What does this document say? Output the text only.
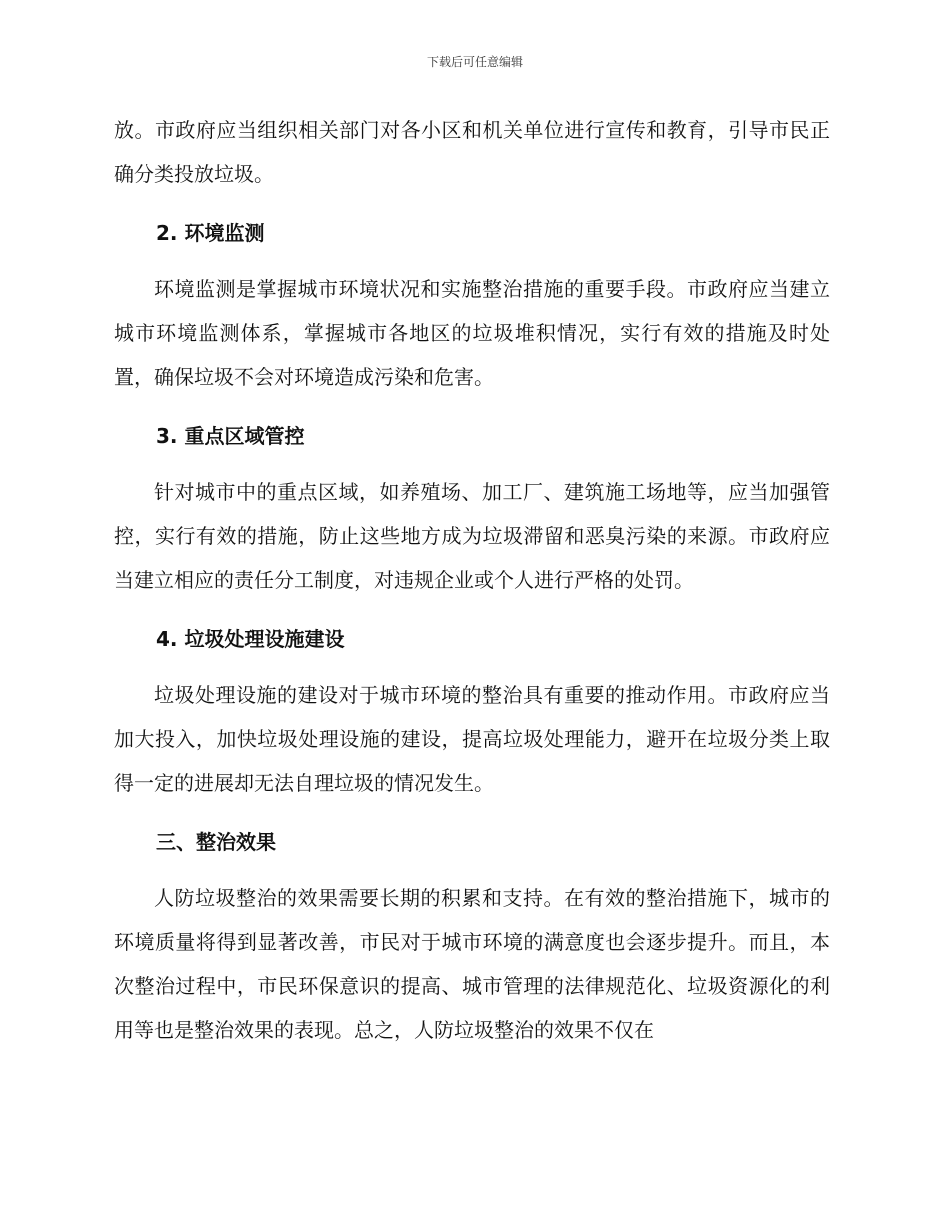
下载后可任意编辑

放。市政府应当组织相关部门对各小区和机关单位进行宣传和教育，引导市民正确分类投放垃圾。

2. 环境监测

环境监测是掌握城市环境状况和实施整治措施的重要手段。市政府应当建立城市环境监测体系，掌握城市各地区的垃圾堆积情况，实行有效的措施及时处置，确保垃圾不会对环境造成污染和危害。

3. 重点区域管控

针对城市中的重点区域，如养殖场、加工厂、建筑施工场地等，应当加强管控，实行有效的措施，防止这些地方成为垃圾滞留和恶臭污染的来源。市政府应当建立相应的责任分工制度，对违规企业或个人进行严格的处罚。

4. 垃圾处理设施建设

垃圾处理设施的建设对于城市环境的整治具有重要的推动作用。市政府应当加大投入，加快垃圾处理设施的建设，提高垃圾处理能力，避开在垃圾分类上取得一定的进展却无法自理垃圾的情况发生。

三、整治效果

人防垃圾整治的效果需要长期的积累和支持。在有效的整治措施下，城市的环境质量将得到显著改善，市民对于城市环境的满意度也会逐步提升。而且，本次整治过程中，市民环保意识的提高、城市管理的法律规范化、垃圾资源化的利用等也是整治效果的表现。总之，人防垃圾整治的效果不仅在
